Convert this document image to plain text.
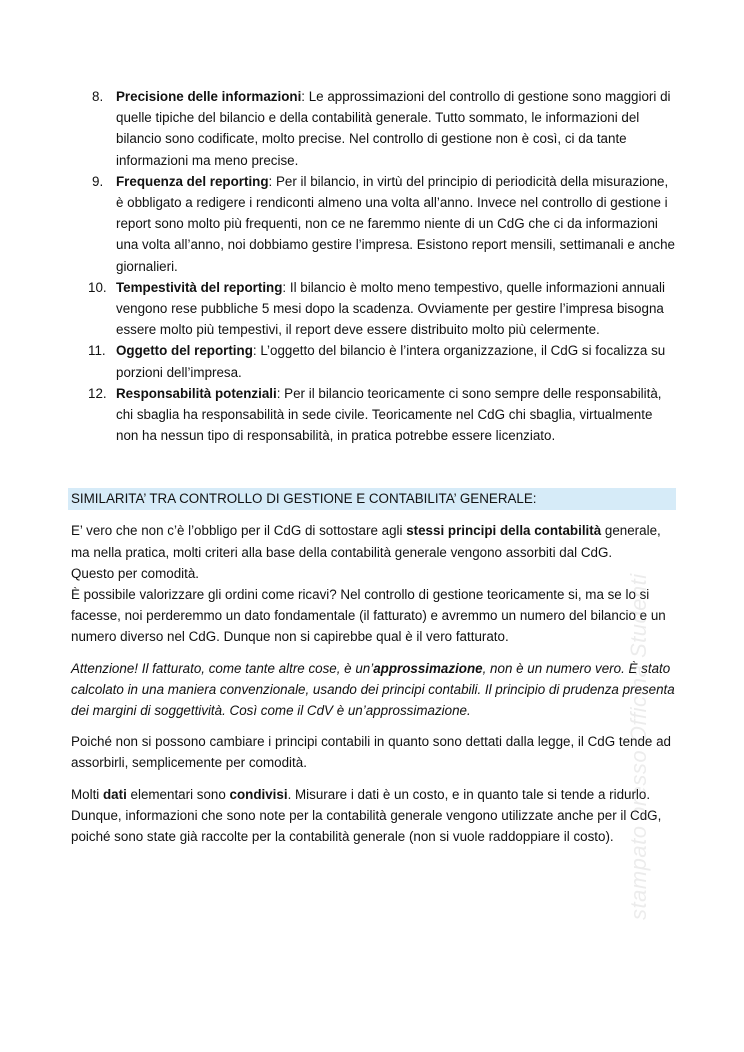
8. Precisione delle informazioni: Le approssimazioni del controllo di gestione sono maggiori di quelle tipiche del bilancio e della contabilità generale. Tutto sommato, le informazioni del bilancio sono codificate, molto precise. Nel controllo di gestione non è così, ci da tante informazioni ma meno precise.
9. Frequenza del reporting: Per il bilancio, in virtù del principio di periodicità della misurazione, è obbligato a redigere i rendiconti almeno una volta all’anno. Invece nel controllo di gestione i report sono molto più frequenti, non ce ne faremmo niente di un CdG che ci da informazioni una volta all’anno, noi dobbiamo gestire l’impresa. Esistono report mensili, settimanali e anche giornalieri.
10. Tempestività del reporting: Il bilancio è molto meno tempestivo, quelle informazioni annuali vengono rese pubbliche 5 mesi dopo la scadenza. Ovviamente per gestire l’impresa bisogna essere molto più tempestivi, il report deve essere distribuito molto più celermente.
11. Oggetto del reporting: L’oggetto del bilancio è l’intera organizzazione, il CdG si focalizza su porzioni dell’impresa.
12. Responsabilità potenziali: Per il bilancio teoricamente ci sono sempre delle responsabilità, chi sbaglia ha responsabilità in sede civile. Teoricamente nel CdG chi sbaglia, virtualmente non ha nessun tipo di responsabilità, in pratica potrebbe essere licenziato.
SIMILARITA’ TRA CONTROLLO DI GESTIONE E CONTABILITA’ GENERALE:

E’ vero che non c’è l’obbligo per il CdG di sottostare agli stessi principi della contabilità generale, ma nella pratica, molti criteri alla base della contabilità generale vengono assorbiti dal CdG.

Questo per comodità.

È possibile valorizzare gli ordini come ricavi? Nel controllo di gestione teoricamente si, ma se lo si facesse, noi perderemmo un dato fondamentale (il fatturato) e avremmo un numero del bilancio e un numero diverso nel CdG. Dunque non si capirebbe qual è il vero fatturato.

Attenzione! Il fatturato, come tante altre cose, è un’approssimazione, non è un numero vero. È stato calcolato in una maniera convenzionale, usando dei principi contabili. Il principio di prudenza presenta dei margini di soggettività. Così come il CdV è un’approssimazione.

Poiché non si possono cambiare i principi contabili in quanto sono dettati dalla legge, il CdG tende ad assorbirli, semplicemente per comodità.

Molti dati elementari sono condivisi. Misurare i dati è un costo, e in quanto tale si tende a ridurlo. Dunque, informazioni che sono note per la contabilità generale vengono utilizzate anche per il CdG, poiché sono state già raccolte per la contabilità generale (non si vuole raddoppiare il costo). stampato presso Officina Studenti
